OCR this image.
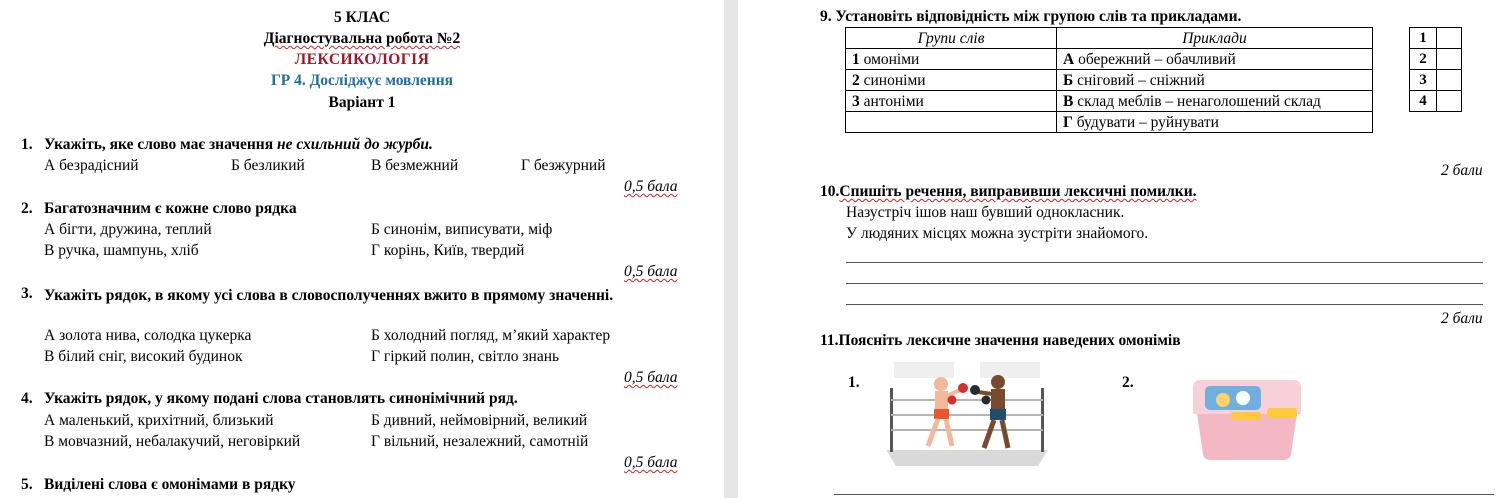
5 КЛАС
Діагностувальна робота №2
ЛЕКСИКОЛОГІЯ
ГР 4. Досліджує мовлення
Варіант 1
1. Укажіть, яке слово має значення не схильний до журби.
А безрадісний	Б безликий	В безмежний	Г безжурний
0,5 бала
2. Багатозначним є кожне слово рядка
А бігти, дружина, теплий	Б синонім, виписувати, міф
В ручка, шампунь, хліб	Г корінь, Київ, твердий
0,5 бала
3. Укажіть рядок, в якому усі слова в словосполученнях вжито в прямому значенні.
А золота нива, солодка цукерка	Б холодний погляд, м’який характер
В білий сніг, високий будинок	Г гіркий полин, світло знань
0,5 бала
4. Укажіть рядок, у якому подані слова становлять синонімічний ряд.
А маленький, крихітний, близький	Б дивний, неймовірний, великий
В мовчазний, небалакучий, неговіркий	Г вільний, незалежний, самотній
0,5 бала
5. Виділені слова є омонімами в рядку
9. Установіть відповідність між групою слів та прикладами.
Групи слів	Приклади
1 омоніми	А обережний – обачливий
2 синоніми	Б сніговий – сніжний
3 антоніми	В склад меблів – ненаголошений склад
	Г будувати – руйнувати
1	
2	
3	
4	
2 бали
10.Спишіть речення, виправивши лексичні помилки.
Назустріч ішов наш бувший однокласник.
У людяних місцях можна зустріти знайомого.
2 бали
11.Поясніть лексичне значення наведених омонімів
1.	2.
